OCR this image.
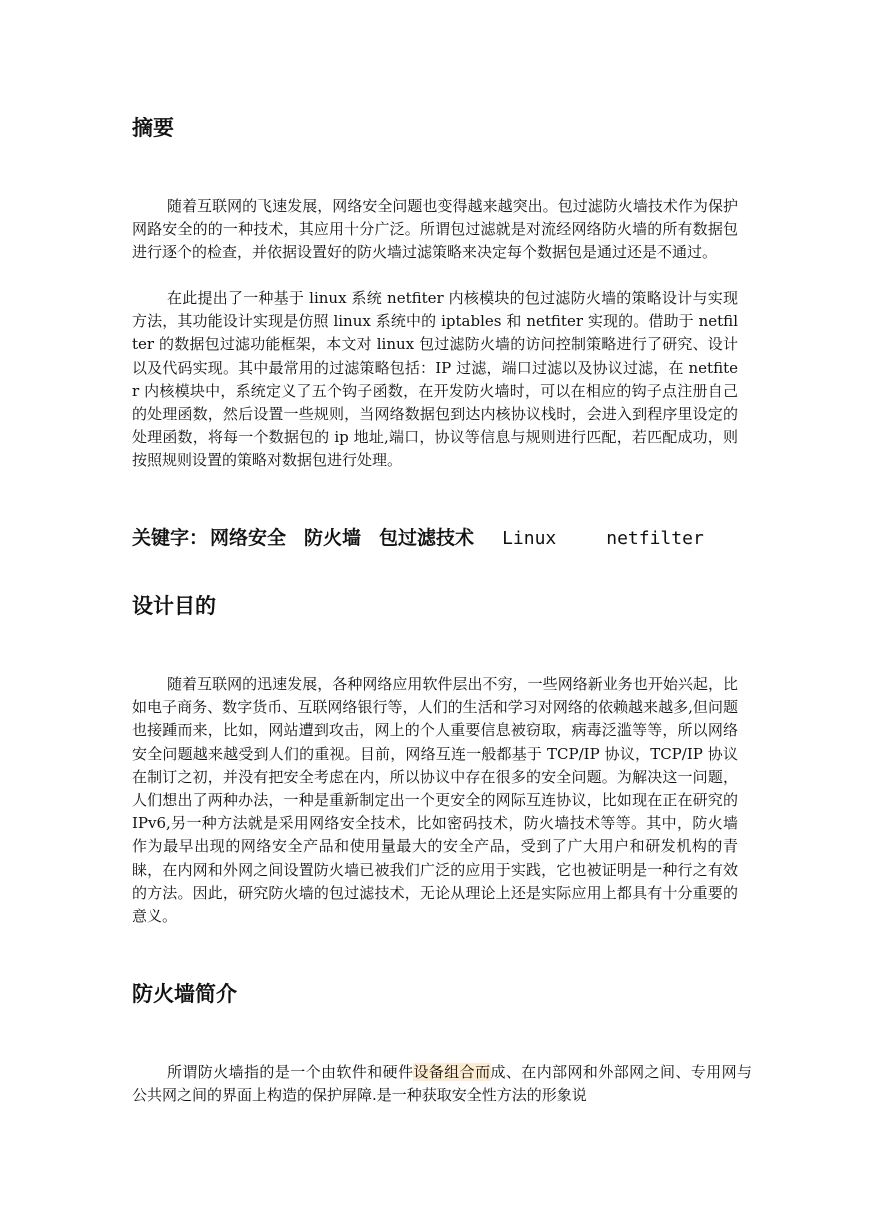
摘要

随着互联网的飞速发展，网络安全问题也变得越来越突出。包过滤防火墙技术作为保护网路安全的的一种技术，其应用十分广泛。所谓包过滤就是对流经网络防火墙的所有数据包进行逐个的检查，并依据设置好的防火墙过滤策略来决定每个数据包是通过还是不通过。

在此提出了一种基于 linux 系统 netfiter 内核模块的包过滤防火墙的策略设计与实现方法，其功能设计实现是仿照 linux 系统中的 iptables 和 netfiter 实现的。借助于 netfilter 的数据包过滤功能框架，本文对 linux 包过滤防火墙的访问控制策略进行了研究、设计以及代码实现。其中最常用的过滤策略包括：IP 过滤，端口过滤以及协议过滤，在 netfiter 内核模块中，系统定义了五个钩子函数，在开发防火墙时，可以在相应的钩子点注册自己的处理函数，然后设置一些规则，当网络数据包到达内核协议栈时，会进入到程序里设定的处理函数，将每一个数据包的 ip 地址,端口，协议等信息与规则进行匹配，若匹配成功，则按照规则设置的策略对数据包进行处理。

关键字： 网络安全 防火墙 包过滤技术 Linux	netfilter
设计目的

随着互联网的迅速发展，各种网络应用软件层出不穷，一些网络新业务也开始兴起，比如电子商务、数字货币、互联网络银行等，人们的生活和学习对网络的依赖越来越多,但问题也接踵而来，比如，网站遭到攻击，网上的个人重要信息被窃取，病毒泛滥等等，所以网络安全问题越来越受到人们的重视。目前，网络互连一般都基于 TCP/IP 协议，TCP/IP 协议在制订之初，并没有把安全考虑在内，所以协议中存在很多的安全问题。为解决这一问题，人们想出了两种办法，一种是重新制定出一个更安全的网际互连协议，比如现在正在研究的 IPv6,另一种方法就是采用网络安全技术，比如密码技术，防火墙技术等等。其中，防火墙作为最早出现的网络安全产品和使用量最大的安全产品，受到了广大用户和研发机构的青睐，在内网和外网之间设置防火墙已被我们广泛的应用于实践，它也被证明是一种行之有效的方法。因此，研究防火墙的包过滤技术，无论从理论上还是实际应用上都具有十分重要的意义。

防火墙简介

所谓防火墙指的是一个由软件和硬件设备组合而成、在内部网和外部网之间、专用网与公共网之间的界面上构造的保护屏障.是一种获取安全性方法的形象说
